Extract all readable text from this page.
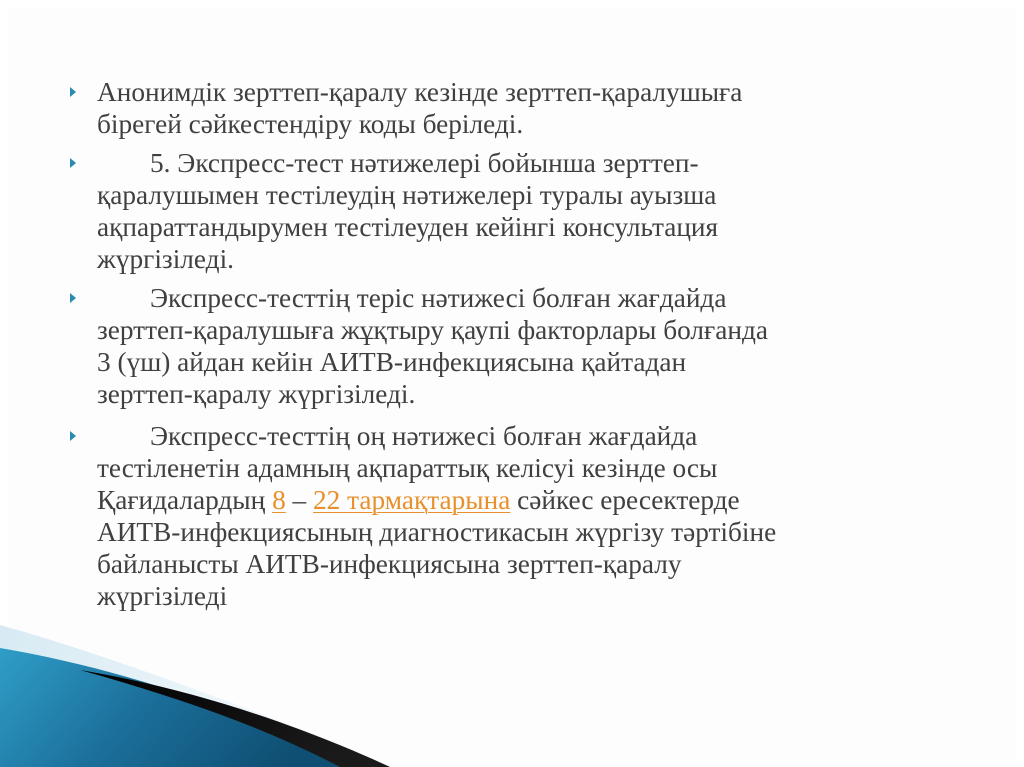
Анонимдік зерттеп-қаралу кезінде зерттеп-қаралушыға
бірегей сәйкестендіру коды беріледі.

5. Экспресс-тест нәтижелері бойынша зерттеп-
қаралушымен тестілеудің нәтижелері туралы ауызша
ақпараттандырумен тестілеуден кейінгі консультация
жүргізіледі.

Экспресс-тесттің теріс нәтижесі болған жағдайда
зерттеп-қаралушыға жұқтыру қаупі факторлары болғанда
3 (үш) айдан кейін АИТВ-инфекциясына қайтадан
зерттеп-қаралу жүргізіледі.

Экспресс-тесттің оң нәтижесі болған жағдайда
тестіленетін адамның ақпараттық келісуі кезінде осы
Қағидалардың 8 – 22 тармақтарына сәйкес ересектерде
АИТВ-инфекциясының диагностикасын жүргізу тәртібіне
байланысты АИТВ-инфекциясына зерттеп-қаралу
жүргізіледі
